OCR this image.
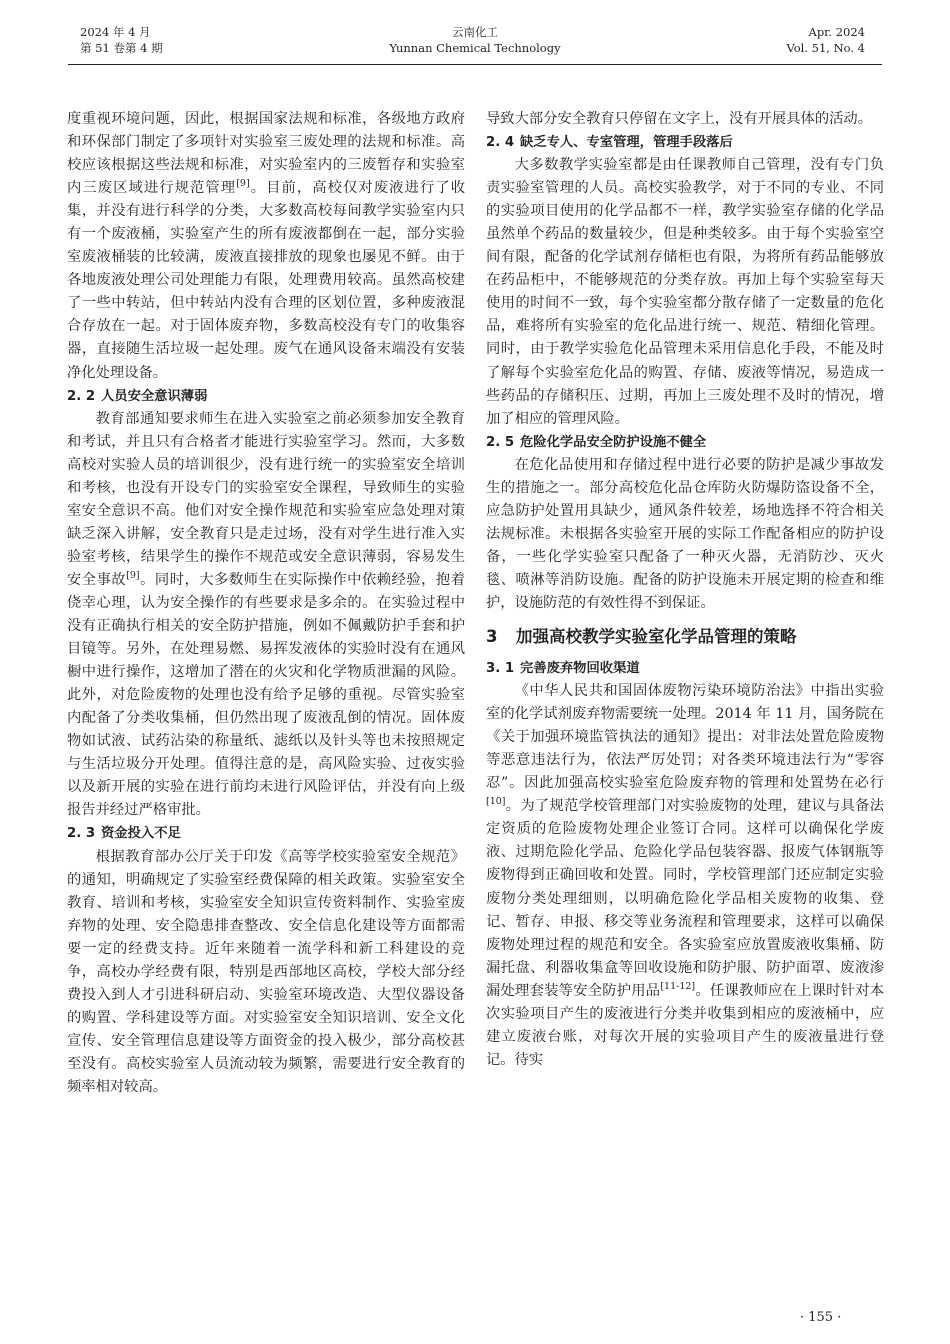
2024 年 4 月
第 51 卷第 4 期
云南化工
Yunnan Chemical Technology
Apr. 2024
Vol. 51, No. 4

度重视环境问题，因此，根据国家法规和标准，各级地方政府和环保部门制定了多项针对实验室三废处理的法规和标准。高校应该根据这些法规和标准，对实验室内的三废暂存和实验室内三废区域进行规范管理[9]。目前，高校仅对废液进行了收集，并没有进行科学的分类，大多数高校每间教学实验室内只有一个废液桶，实验室产生的所有废液都倒在一起，部分实验室废液桶装的比较满，废液直接排放的现象也屡见不鲜。由于各地废液处理公司处理能力有限，处理费用较高。虽然高校建了一些中转站，但中转站内没有合理的区划位置，多种废液混合存放在一起。对于固体废弃物，多数高校没有专门的收集容器，直接随生活垃圾一起处理。废气在通风设备末端没有安装净化处理设备。

2. 2 人员安全意识薄弱

教育部通知要求师生在进入实验室之前必须参加安全教育和考试，并且只有合格者才能进行实验室学习。然而，大多数高校对实验人员的培训很少，没有进行统一的实验室安全培训和考核，也没有开设专门的实验室安全课程，导致师生的实验室安全意识不高。他们对安全操作规范和实验室应急处理对策缺乏深入讲解，安全教育只是走过场，没有对学生进行准入实验室考核，结果学生的操作不规范或安全意识薄弱，容易发生安全事故[9]。同时，大多数师生在实际操作中依赖经验，抱着侥幸心理，认为安全操作的有些要求是多余的。在实验过程中没有正确执行相关的安全防护措施，例如不佩戴防护手套和护目镜等。另外，在处理易燃、易挥发液体的实验时没有在通风橱中进行操作，这增加了潜在的火灾和化学物质泄漏的风险。此外，对危险废物的处理也没有给予足够的重视。尽管实验室内配备了分类收集桶，但仍然出现了废液乱倒的情况。固体废物如试液、试药沾染的称量纸、滤纸以及针头等也未按照规定与生活垃圾分开处理。值得注意的是，高风险实验、过夜实验以及新开展的实验在进行前均未进行风险评估，并没有向上级报告并经过严格审批。

2. 3 资金投入不足

根据教育部办公厅关于印发《高等学校实验室安全规范》的通知，明确规定了实验室经费保障的相关政策。实验室安全教育、培训和考核，实验室安全知识宣传资料制作、实验室废弃物的处理、安全隐患排查整改、安全信息化建设等方面都需要一定的经费支持。近年来随着一流学科和新工科建设的竞争，高校办学经费有限，特别是西部地区高校，学校大部分经费投入到人才引进科研启动、实验室环境改造、大型仪器设备的购置、学科建设等方面。对实验室安全知识培训、安全文化宣传、安全管理信息建设等方面资金的投入极少，部分高校甚至没有。高校实验室人员流动较为频繁，需要进行安全教育的频率相对较高。

导致大部分安全教育只停留在文字上，没有开展具体的活动。

2. 4 缺乏专人、专室管理，管理手段落后

大多数教学实验室都是由任课教师自己管理，没有专门负责实验室管理的人员。高校实验教学，对于不同的专业、不同的实验项目使用的化学品都不一样，教学实验室存储的化学品虽然单个药品的数量较少，但是种类较多。由于每个实验室空间有限，配备的化学试剂存储柜也有限，为将所有药品能够放在药品柜中，不能够规范的分类存放。再加上每个实验室每天使用的时间不一致，每个实验室都分散存储了一定数量的危化品，难将所有实验室的危化品进行统一、规范、精细化管理。同时，由于教学实验危化品管理未采用信息化手段，不能及时了解每个实验室危化品的购置、存储、废液等情况，易造成一些药品的存储积压、过期，再加上三废处理不及时的情况，增加了相应的管理风险。

2. 5 危险化学品安全防护设施不健全

在危化品使用和存储过程中进行必要的防护是减少事故发生的措施之一。部分高校危化品仓库防火防爆防盗设备不全，应急防护处置用具缺少，通风条件较差，场地选择不符合相关法规标准。未根据各实验室开展的实际工作配备相应的防护设备，一些化学实验室只配备了一种灭火器，无消防沙、灭火毯、喷淋等消防设施。配备的防护设施未开展定期的检查和维护，设施防范的有效性得不到保证。

3 加强高校教学实验室化学品管理的策略
3. 1 完善废弃物回收渠道

《中华人民共和国固体废物污染环境防治法》中指出实验室的化学试剂废弃物需要统一处理。2014 年 11 月，国务院在《关于加强环境监管执法的通知》提出：对非法处置危险废物等恶意违法行为，依法严厉处罚；对各类环境违法行为“零容忍”。因此加强高校实验室危险废弃物的管理和处置势在必行[10]。为了规范学校管理部门对实验废物的处理，建议与具备法定资质的危险废物处理企业签订合同。这样可以确保化学废液、过期危险化学品、危险化学品包装容器、报废气体钢瓶等废物得到正确回收和处置。同时，学校管理部门还应制定实验废物分类处理细则，以明确危险化学品相关废物的收集、登记、暂存、申报、移交等业务流程和管理要求，这样可以确保废物处理过程的规范和安全。各实验室应放置废液收集桶、防漏托盘、利器收集盒等回收设施和防护服、防护面罩、废液渗漏处理套装等安全防护用品[11-12]。任课教师应在上课时针对本次实验项目产生的废液进行分类并收集到相应的废液桶中，应建立废液台账，对每次开展的实验项目产生的废液量进行登记。待实

· 155 ·
